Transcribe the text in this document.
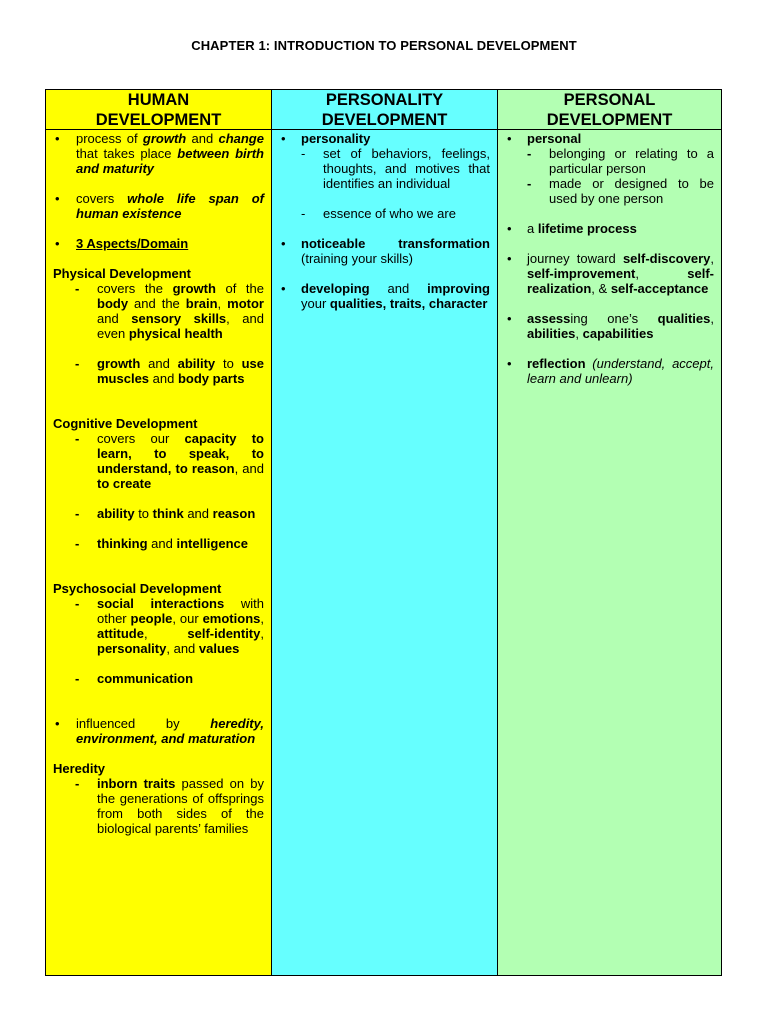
CHAPTER 1: INTRODUCTION TO PERSONAL DEVELOPMENT
HUMAN
DEVELOPMENT
• process of growth and change that takes place between birth and maturity
• covers whole life span of human existence
• 3 Aspects/Domain
Physical Development
- covers the growth of the body and the brain, motor and sensory skills, and even physical health
- growth and ability to use muscles and body parts
Cognitive Development
- covers our capacity to learn, to speak, to understand, to reason, and to create
- ability to think and reason
- thinking and intelligence
Psychosocial Development
- social interactions with other people, our emotions, attitude, self-identity, personality, and values
- communication
• influenced by heredity, environment, and maturation
Heredity
- inborn traits passed on by the generations of offsprings from both sides of the biological parents’ families
PERSONALITY
DEVELOPMENT
• personality
- set of behaviors, feelings, thoughts, and motives that identifies an individual
- essence of who we are
• noticeable transformation (training your skills)
• developing and improving your qualities, traits, character
PERSONAL
DEVELOPMENT
• personal
- belonging or relating to a particular person
- made or designed to be used by one person
• a lifetime process
• journey toward self-discovery, self-improvement, self-realization, & self-acceptance
• assessing one’s qualities, abilities, capabilities
• reflection (understand, accept, learn and unlearn)
